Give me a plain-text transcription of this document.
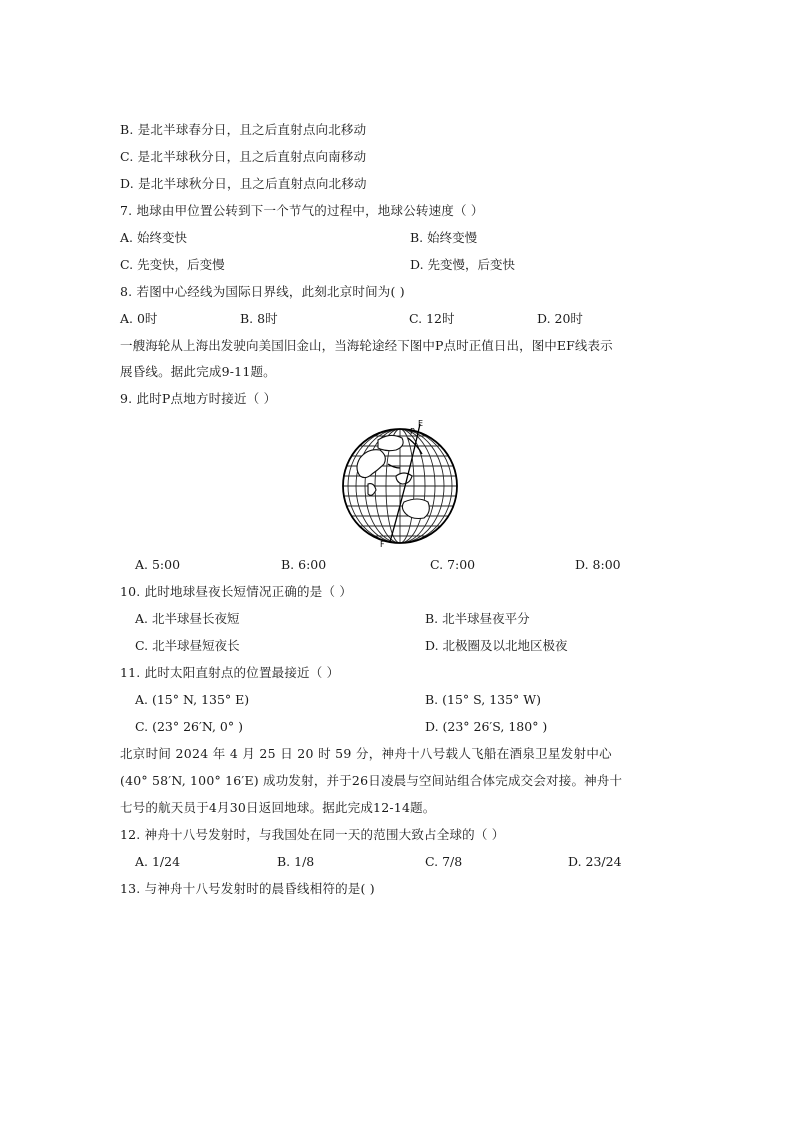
B. 是北半球春分日，且之后直射点向北移动
C. 是北半球秋分日，且之后直射点向南移动
D. 是北半球秋分日，且之后直射点向北移动
7. 地球由甲位置公转到下一个节气的过程中，地球公转速度（ ）
A. 始终变快	B. 始终变慢
C. 先变快，后变慢	D. 先变慢，后变快
8. 若图中心经线为国际日界线，此刻北京时间为( )
A. 0时	B. 8时	C. 12时	D. 20时
一艘海轮从上海出发驶向美国旧金山，当海轮途经下图中P点时正值日出，图中EF线表示
展昏线。据此完成9-11题。
9. 此时P点地方时接近（ ）
E
P
F
A. 5:00	B. 6:00	C. 7:00	D. 8:00
10. 此时地球昼夜长短情况正确的是（ ）
A. 北半球昼长夜短	B. 北半球昼夜平分
C. 北半球昼短夜长	D. 北极圈及以北地区极夜
11. 此时太阳直射点的位置最接近（ ）
A. (15° N, 135° E)	B. (15° S, 135° W)
C. (23° 26′N, 0° )	D. (23° 26′S, 180° )
北京时间 2024 年 4 月 25 日 20 时 59 分，神舟十八号载人飞船在酒泉卫星发射中心
(40° 58′N, 100° 16′E) 成功发射，并于26日凌晨与空间站组合体完成交会对接。神舟十
七号的航天员于4月30日返回地球。据此完成12-14题。
12. 神舟十八号发射时，与我国处在同一天的范围大致占全球的（ ）
A. 1/24	B. 1/8	C. 7/8	D. 23/24
13. 与神舟十八号发射时的晨昏线相符的是( )
